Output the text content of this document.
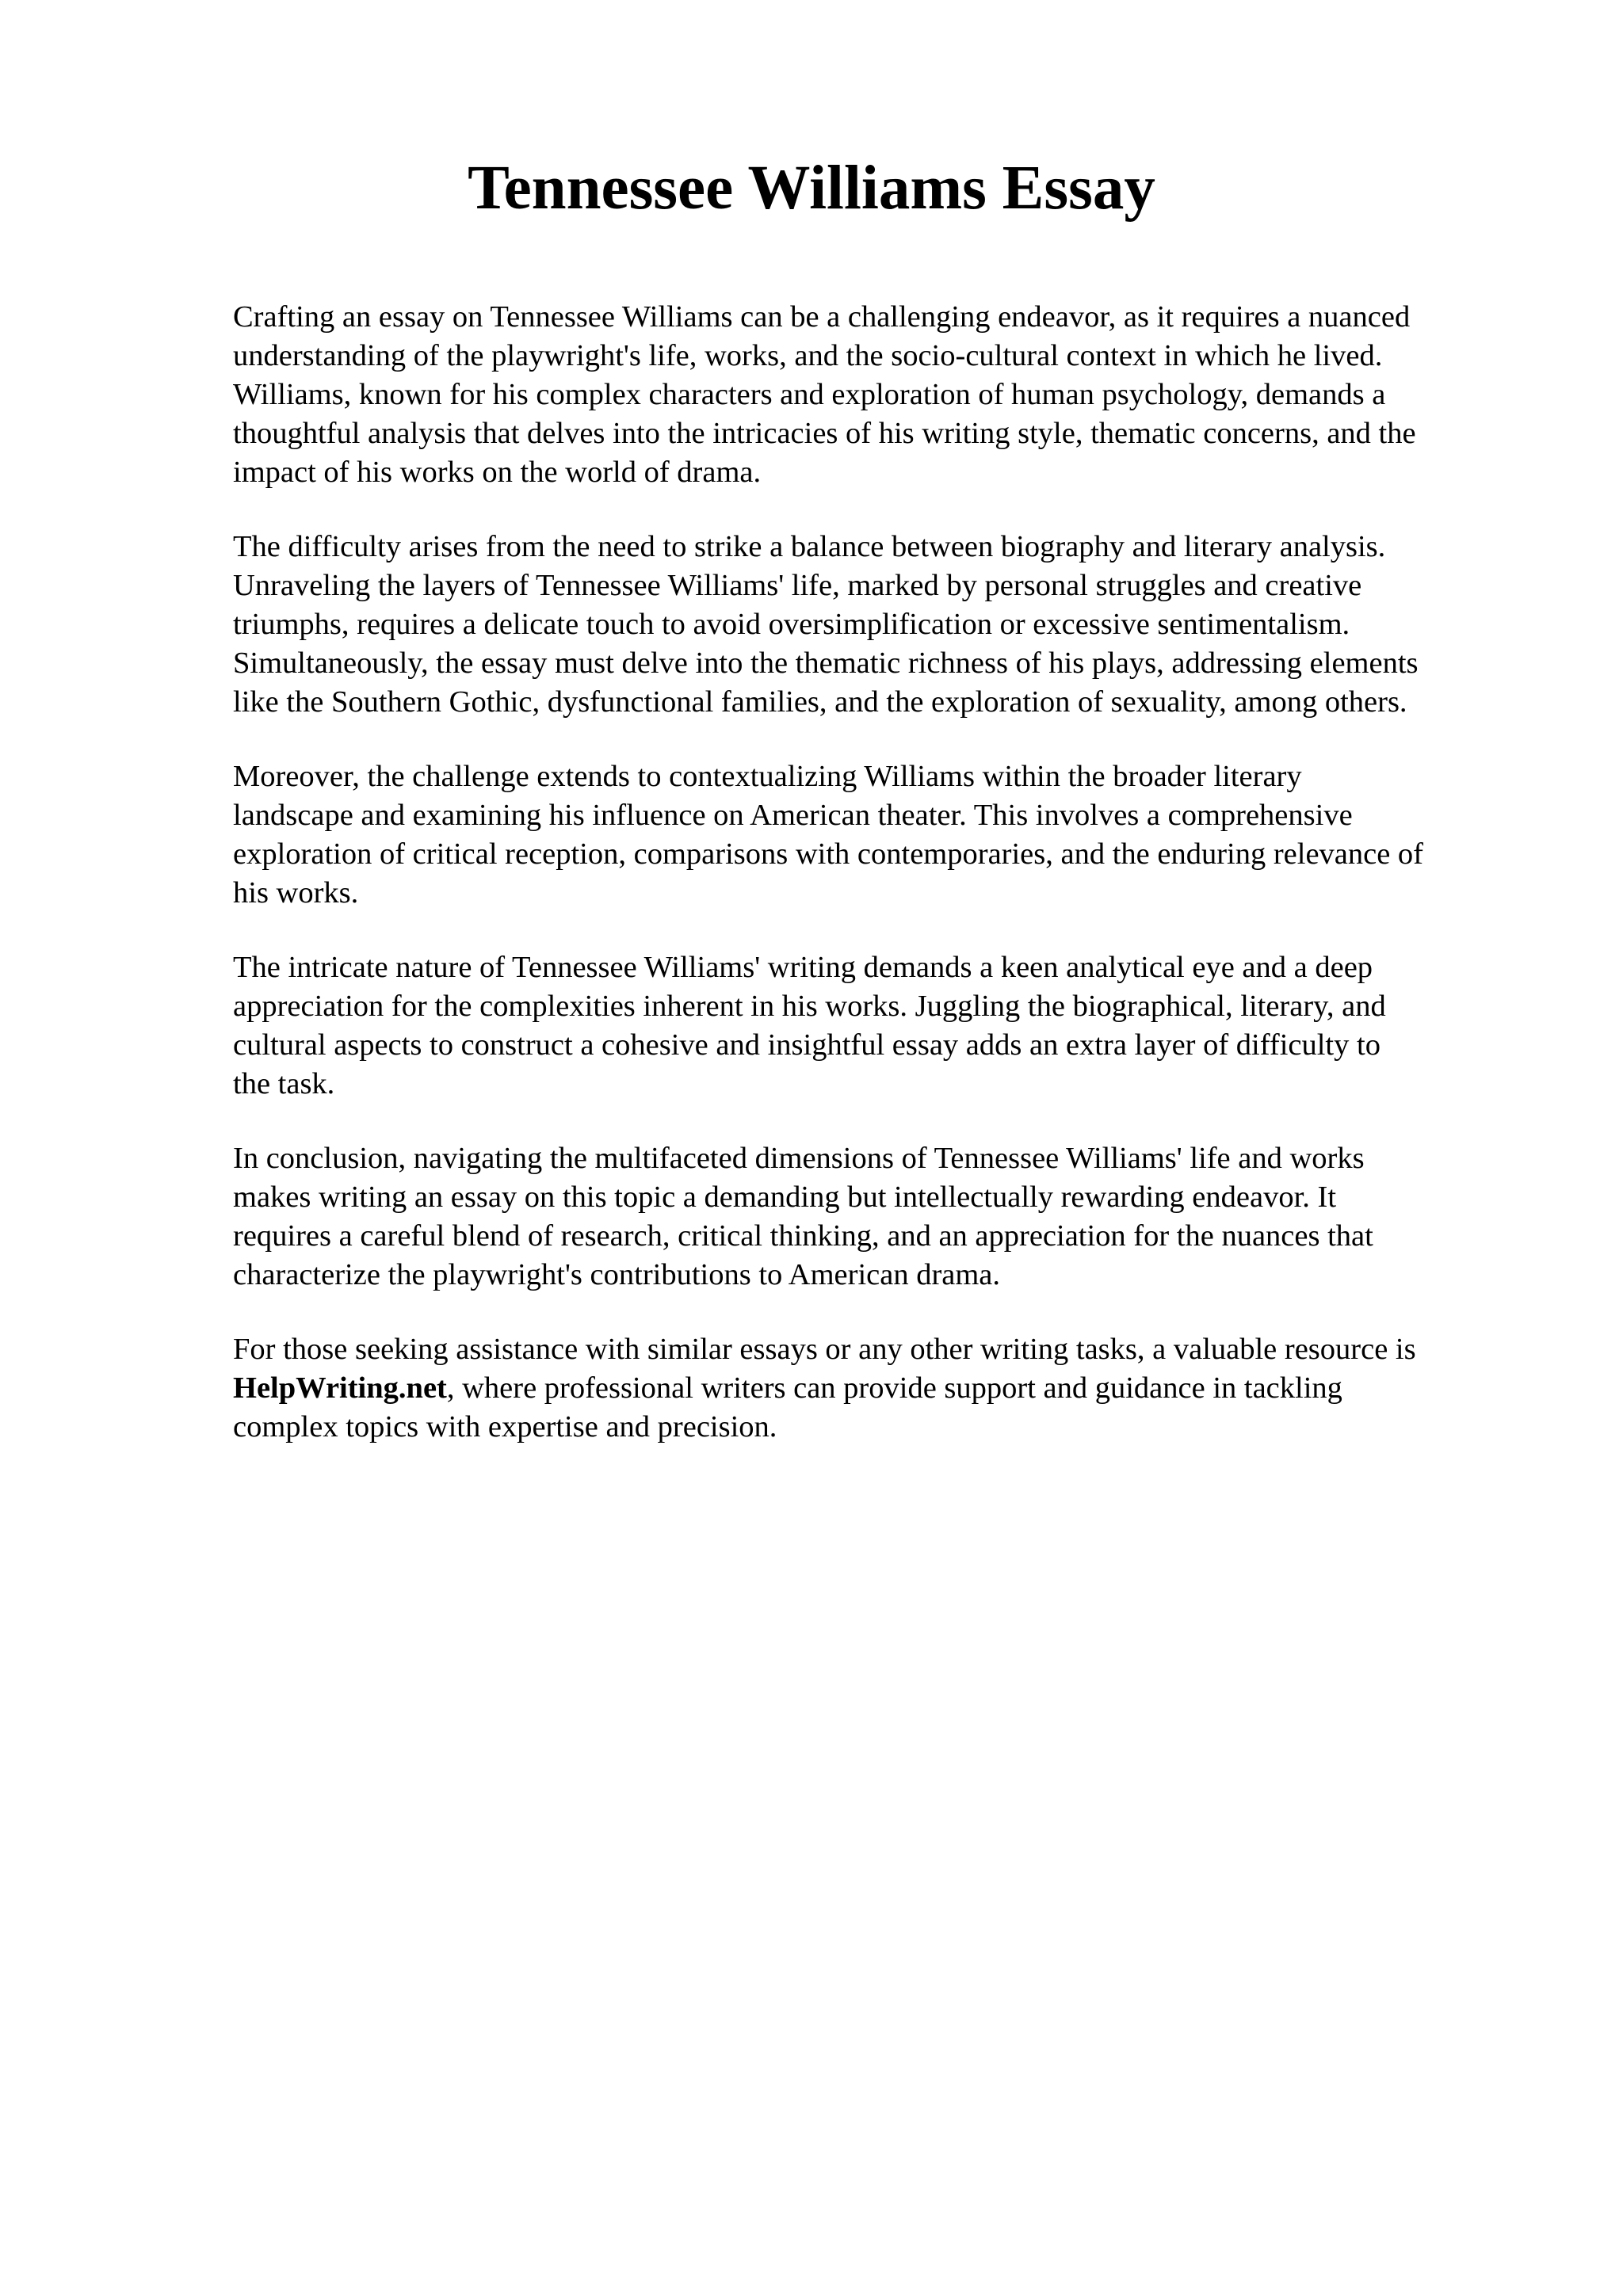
Tennessee Williams Essay

Crafting an essay on Tennessee Williams can be a challenging endeavor, as it requires a nuanced
understanding of the playwright's life, works, and the socio-cultural context in which he lived.
Williams, known for his complex characters and exploration of human psychology, demands a
thoughtful analysis that delves into the intricacies of his writing style, thematic concerns, and the
impact of his works on the world of drama.

The difficulty arises from the need to strike a balance between biography and literary analysis.
Unraveling the layers of Tennessee Williams' life, marked by personal struggles and creative
triumphs, requires a delicate touch to avoid oversimplification or excessive sentimentalism.
Simultaneously, the essay must delve into the thematic richness of his plays, addressing elements
like the Southern Gothic, dysfunctional families, and the exploration of sexuality, among others.

Moreover, the challenge extends to contextualizing Williams within the broader literary
landscape and examining his influence on American theater. This involves a comprehensive
exploration of critical reception, comparisons with contemporaries, and the enduring relevance of
his works.

The intricate nature of Tennessee Williams' writing demands a keen analytical eye and a deep
appreciation for the complexities inherent in his works. Juggling the biographical, literary, and
cultural aspects to construct a cohesive and insightful essay adds an extra layer of difficulty to
the task.

In conclusion, navigating the multifaceted dimensions of Tennessee Williams' life and works
makes writing an essay on this topic a demanding but intellectually rewarding endeavor. It
requires a careful blend of research, critical thinking, and an appreciation for the nuances that
characterize the playwright's contributions to American drama.

For those seeking assistance with similar essays or any other writing tasks, a valuable resource is
HelpWriting.net, where professional writers can provide support and guidance in tackling
complex topics with expertise and precision.
